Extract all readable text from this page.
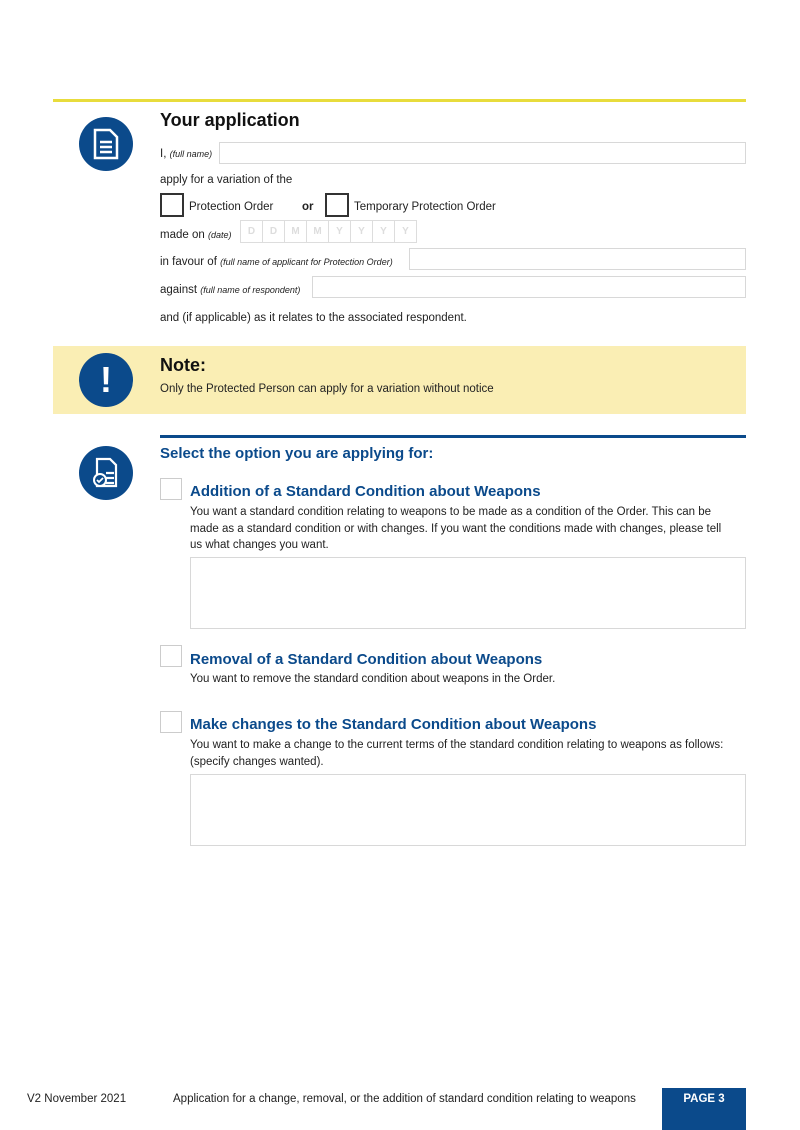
Your application
I, (full name)
apply for a variation of the
Protection Order or	Temporary Protection Order
made on (date)	D	D	M	M	Y	Y	Y	Y
in favour of (full name of applicant for Protection Order)
against (full name of respondent)
and (if applicable) as it relates to the associated respondent.
!	Note:
Only the Protected Person can apply for a variation without notice
Select the option you are applying for:
Addition of a Standard Condition about Weapons
You want a standard condition relating to weapons to be made as a condition of the Order. This can be made as a standard condition or with changes. If you want the conditions made with changes, please tell us what changes you want.
Removal of a Standard Condition about Weapons
You want to remove the standard condition about weapons in the Order.
Make changes to the Standard Condition about Weapons
You want to make a change to the current terms of the standard condition relating to weapons as follows: (specify changes wanted).
V2 November 2021	Application for a change, removal, or the addition of standard condition relating to weapons	PAGE 3
